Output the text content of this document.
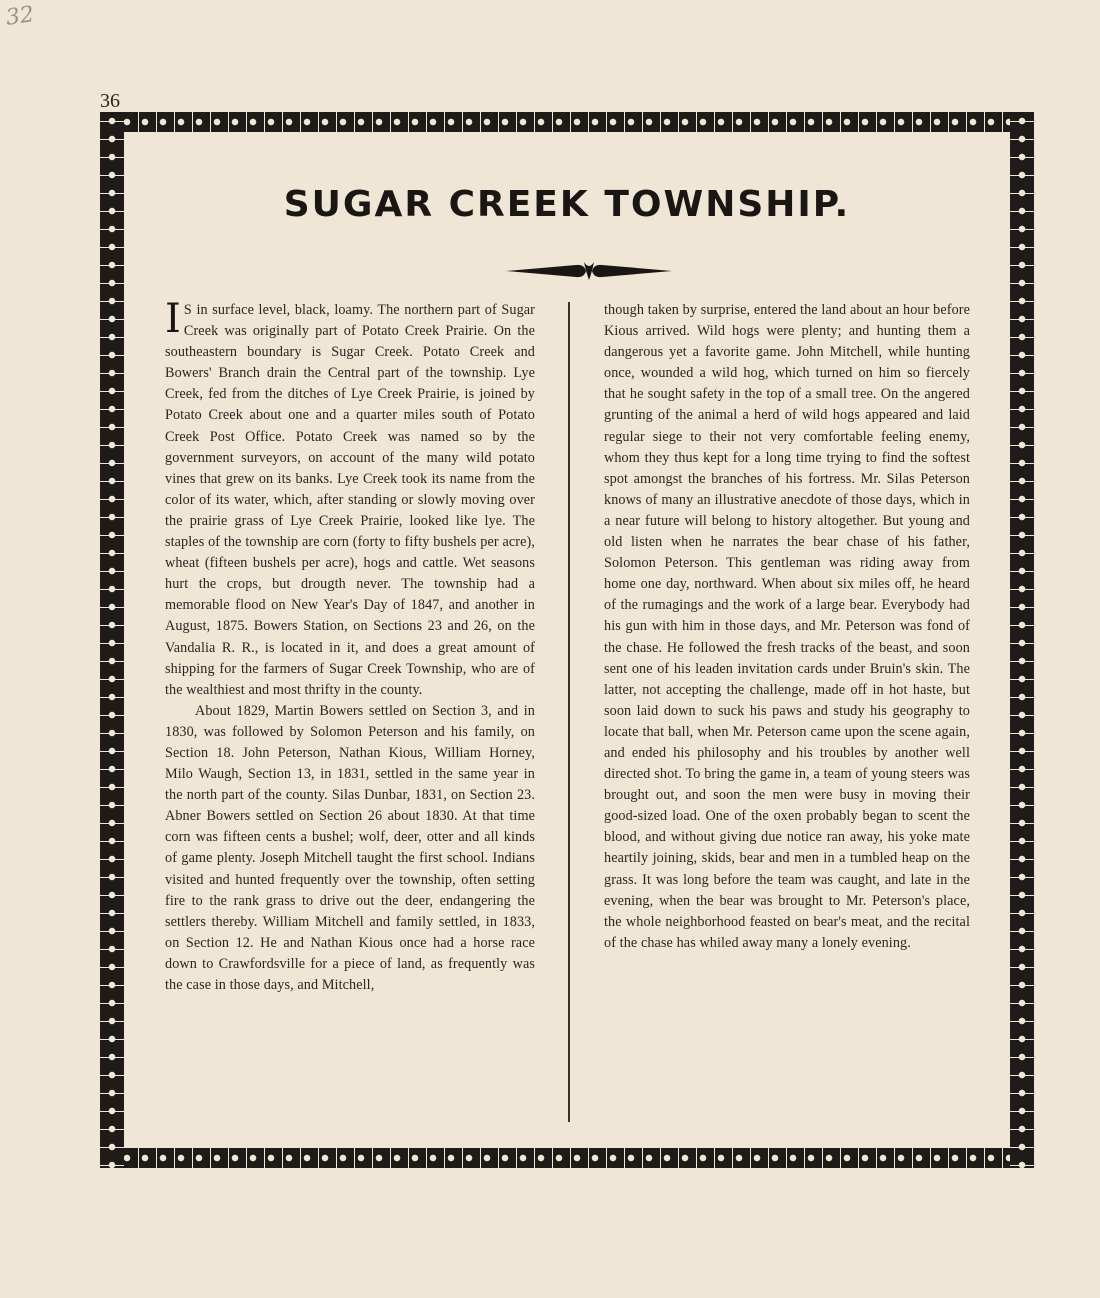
32
36
SUGAR CREEK TOWNSHIP.

I S in surface level, black, loamy. The northern part of Sugar Creek was originally part of Potato Creek Prairie. On the southeastern boundary is Sugar Creek. Potato Creek and Bowers' Branch drain the Central part of the township. Lye Creek, fed from the ditches of Lye Creek Prairie, is joined by Potato Creek about one and a quarter miles south of Potato Creek Post Office. Potato Creek was named so by the government surveyors, on account of the many wild potato vines that grew on its banks. Lye Creek took its name from the color of its water, which, after standing or slowly moving over the prairie grass of Lye Creek Prairie, looked like lye. The staples of the township are corn (forty to fifty bushels per acre), wheat (fifteen bushels per acre), hogs and cattle. Wet seasons hurt the crops, but drougth never. The township had a memorable flood on New Year's Day of 1847, and another in August, 1875. Bowers Station, on Sections 23 and 26, on the Vandalia R. R., is located in it, and does a great amount of shipping for the farmers of Sugar Creek Township, who are of the wealthiest and most thrifty in the county.

About 1829, Martin Bowers settled on Section 3, and in 1830, was followed by Solomon Peterson and his family, on Section 18. John Peterson, Nathan Kious, William Horney, Milo Waugh, Section 13, in 1831, settled in the same year in the north part of the county. Silas Dunbar, 1831, on Section 23. Abner Bowers settled on Section 26 about 1830. At that time corn was fifteen cents a bushel; wolf, deer, otter and all kinds of game plenty. Joseph Mitchell taught the first school. Indians visited and hunted frequently over the township, often setting fire to the rank grass to drive out the deer, endangering the settlers thereby. William Mitchell and family settled, in 1833, on Section 12. He and Nathan Kious once had a horse race down to Crawfordsville for a piece of land, as frequently was the case in those days, and Mitchell,

though taken by surprise, entered the land about an hour before Kious arrived. Wild hogs were plenty; and hunting them a dangerous yet a favorite game. John Mitchell, while hunting once, wounded a wild hog, which turned on him so fiercely that he sought safety in the top of a small tree. On the angered grunting of the animal a herd of wild hogs appeared and laid regular siege to their not very comfortable feeling enemy, whom they thus kept for a long time trying to find the softest spot amongst the branches of his fortress. Mr. Silas Peterson knows of many an illustrative anecdote of those days, which in a near future will belong to history altogether. But young and old listen when he narrates the bear chase of his father, Solomon Peterson. This gentleman was riding away from home one day, northward. When about six miles off, he heard of the rumagings and the work of a large bear. Everybody had his gun with him in those days, and Mr. Peterson was fond of the chase. He followed the fresh tracks of the beast, and soon sent one of his leaden invitation cards under Bruin's skin. The latter, not accepting the challenge, made off in hot haste, but soon laid down to suck his paws and study his geography to locate that ball, when Mr. Peterson came upon the scene again, and ended his philosophy and his troubles by another well directed shot. To bring the game in, a team of young steers was brought out, and soon the men were busy in moving their good-sized load. One of the oxen probably began to scent the blood, and without giving due notice ran away, his yoke mate heartily joining, skids, bear and men in a tumbled heap on the grass. It was long before the team was caught, and late in the evening, when the bear was brought to Mr. Peterson's place, the whole neighborhood feasted on bear's meat, and the recital of the chase has whiled away many a lonely evening.
